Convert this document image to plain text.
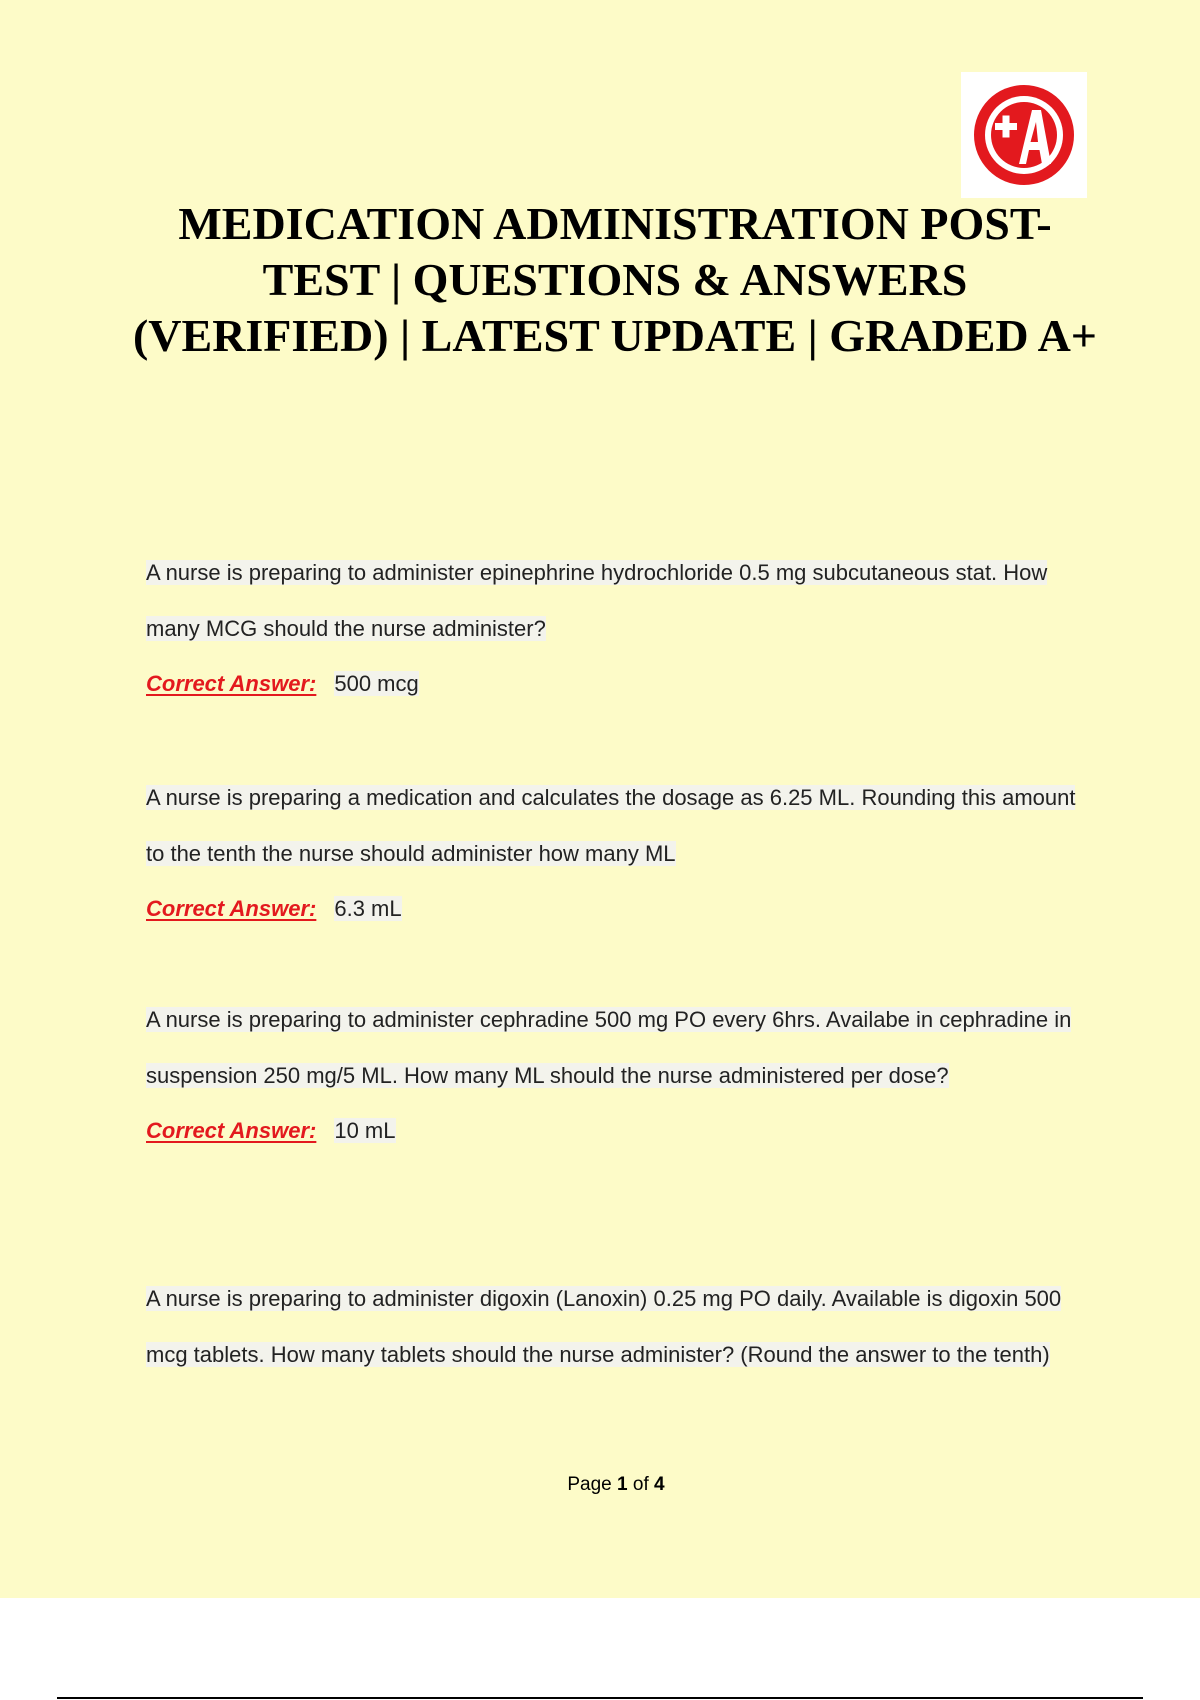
MEDICATION ADMINISTRATION POST-TEST | QUESTIONS & ANSWERS (VERIFIED) | LATEST UPDATE | GRADED A+

A nurse is preparing to administer epinephrine hydrochloride 0.5 mg subcutaneous stat. How many MCG should the nurse administer?

Correct Answer: 500 mcg

A nurse is preparing a medication and calculates the dosage as 6.25 ML. Rounding this amount to the tenth the nurse should administer how many ML

Correct Answer: 6.3 mL

A nurse is preparing to administer cephradine 500 mg PO every 6hrs. Availabe in cephradine in suspension 250 mg/5 ML. How many ML should the nurse administered per dose?

Correct Answer: 10 mL

A nurse is preparing to administer digoxin (Lanoxin) 0.25 mg PO daily. Available is digoxin 500 mcg tablets. How many tablets should the nurse administer? (Round the answer to the tenth)

Page 1 of 4
